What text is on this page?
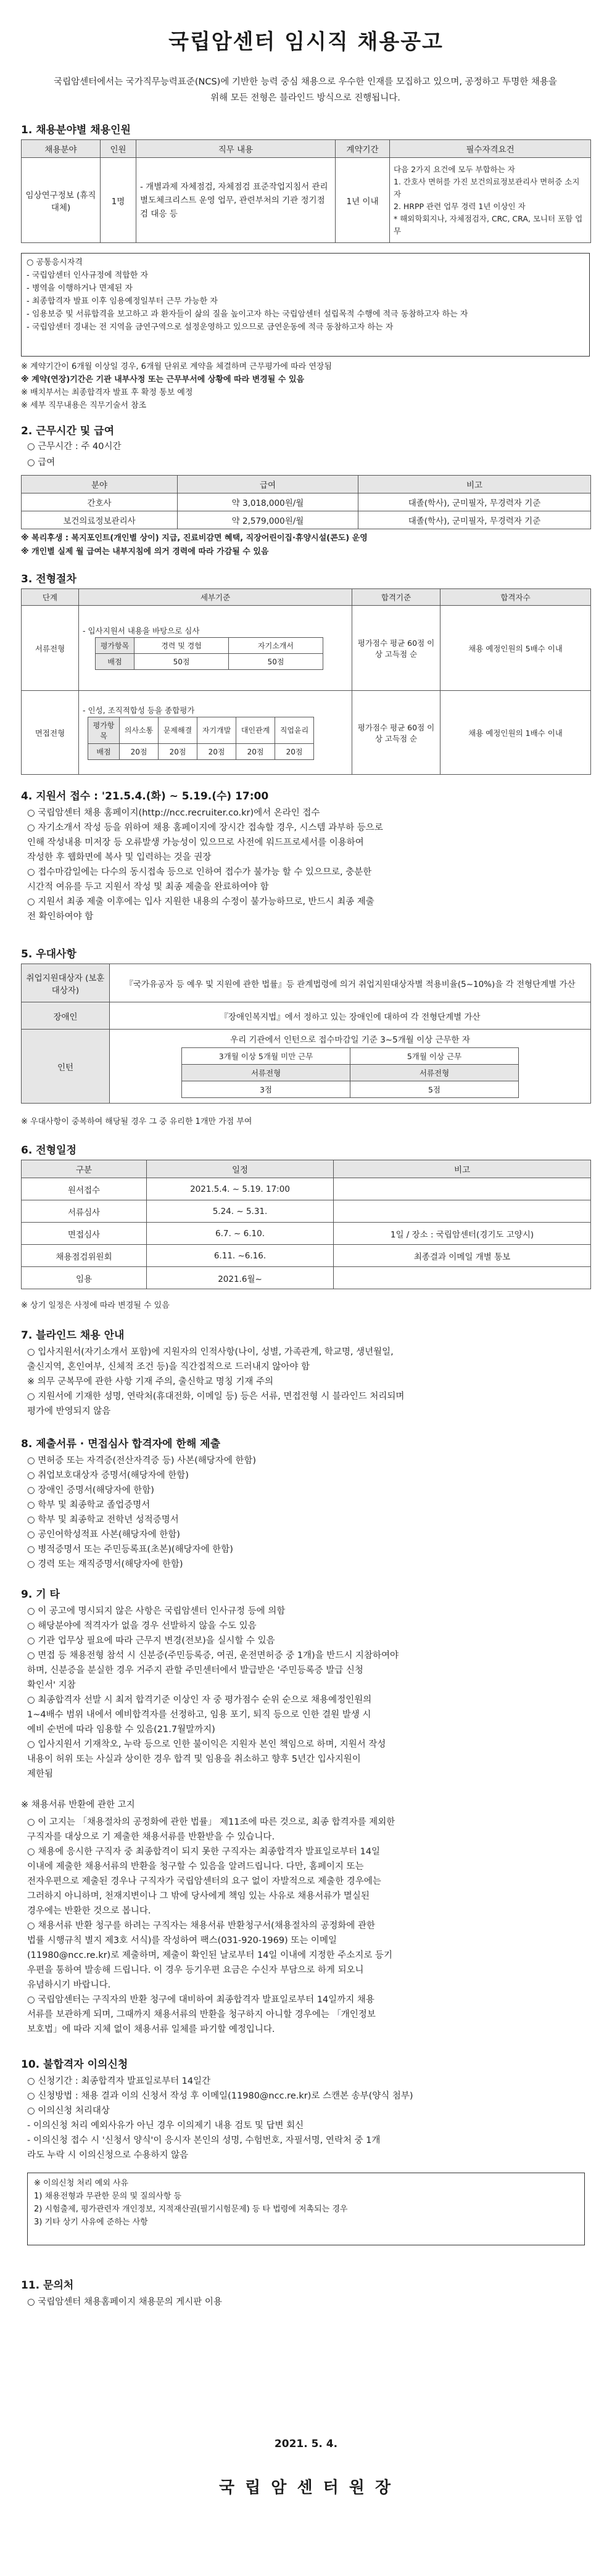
국립암센터 임시직 채용공고
국립암센터에서는 국가직무능력표준(NCS)에 기반한 능력 중심 채용으로 우수한 인재를 모집하고 있으며, 공정하고 투명한 채용을 위해 모든 전형은 블라인드 방식으로 진행됩니다.
1. 채용분야별 채용인원
채용분야	인원	직무 내용	계약기간	필수자격요건
임상연구정보 (휴직대체)	1명	- 개별과제 자체점검, 자체점검 표준작업지침서 관리 별도체크리스트 운영 업무, 관련부처의 기관 정기점검 대응 등	1년 이내	다음 2가지 요건에 모두 부합하는 자
1. 간호사 면허를 가진 보건의료정보관리사 면허증 소지자
2. HRPP 관련 업무 경력 1년 이상인 자
* 해외학회지나, 자체점검자, CRC, CRA, 모니터 포함 업무
○ 공통응시자격
- 국립암센터 인사규정에 적합한 자
- 병역을 이행하거나 면제된 자
- 최종합격자 발표 이후 임용예정일부터 근무 가능한 자
- 임용보증 및 서류합격을 보고하고 과 환자들이 삶의 질을 높이고자 하는 국립암센터 설립목적 수행에 적극 동참하고자 하는 자
- 국립암센터 경내는 전 지역을 금연구역으로 설정운영하고 있으므로 금연운동에 적극 동참하고자 하는 자
※ 계약기간이 6개월 이상일 경우, 6개월 단위로 계약을 체결하며 근무평가에 따라 연장됨
※ 계약(연장)기간은 기관 내부사정 또는 근무부서에 상황에 따라 변경될 수 있음
※ 배치부서는 최종합격자 발표 후 확정 통보 예정
※ 세부 직무내용은 직무기술서 참조
2. 근무시간 및 급여
○ 근무시간 : 주 40시간
○ 급여
분야	급여	비고
간호사	약 3,018,000원/월	대졸(학사), 군미필자, 무경력자 기준
보건의료정보관리사	약 2,579,000원/월	대졸(학사), 군미필자, 무경력자 기준
※ 복리후생 : 복지포인트(개인별 상이) 지급, 진료비감면 혜택, 직장어린이집·휴양시설(콘도) 운영
※ 개인별 실제 월 급여는 내부지침에 의거 경력에 따라 가감될 수 있음
3. 전형절차
단계	세부기준	합격기준	합격자수
서류전형	
- 입사지원서 내용을 바탕으로 심사
평가항목	경력 및 경험	자기소개서
배점	50점	50점
	평가점수 평균 60점 이상 고득점 순	채용 예정인원의 5배수 이내
면접전형	
- 인성, 조직적합성 등을 종합평가
평가항목	의사소통	문제해결	자기개발	대인관계	직업윤리
배점	20점	20점	20점	20점	20점
	평가점수 평균 60점 이상 고득점 순	채용 예정인원의 1배수 이내
4. 지원서 접수 : '21.5.4.(화) ~ 5.19.(수) 17:00
○ 국립암센터 채용 홈페이지(http://ncc.recruiter.co.kr)에서 온라인 접수
○ 자기소개서 작성 등을 위하여 채용 홈페이지에 장시간 접속할 경우, 시스템 과부하 등으로
인해 작성내용 미저장 등 오류발생 가능성이 있으므로 사전에 워드프로세서를 이용하여
작성한 후 웹화면에 복사 및 입력하는 것을 권장
○ 접수마감일에는 다수의 동시접속 등으로 인하여 접수가 불가능 할 수 있으므로, 충분한
시간적 여유를 두고 지원서 작성 및 최종 제출을 완료하여야 함
○ 지원서 최종 제출 이후에는 입사 지원한 내용의 수정이 불가능하므로, 반드시 최종 제출
전 확인하여야 함
5. 우대사항
취업지원대상자 (보훈대상자)	『국가유공자 등 예우 및 지원에 관한 법률』등 관계법령에 의거 취업지원대상자별 적용비율(5~10%)을 각 전형단계별 가산
장애인	『장애인복지법』에서 정하고 있는 장애인에 대하여 각 전형단계별 가산
인턴	
우리 기관에서 인턴으로 접수마감일 기준 3~5개월 이상 근무한 자
3개월 이상 5개월 미만 근무	5개월 이상 근무
서류전형	서류전형
3점	5점
※ 우대사항이 중복하여 해당될 경우 그 중 유리한 1개만 가점 부여
6. 전형일정
구분	일정	비고
원서접수	2021.5.4. ~ 5.19. 17:00	
서류심사	5.24. ~ 5.31.	
면접심사	6.7. ~ 6.10.	1일 / 장소 : 국립암센터(경기도 고양시)
채용점검위원회	6.11. ~6.16.	최종결과 이메일 개별 통보
임용	2021.6월~	
※ 상기 일정은 사정에 따라 변경될 수 있음
7. 블라인드 채용 안내
○ 입사지원서(자기소개서 포함)에 지원자의 인적사항(나이, 성별, 가족관계, 학교명, 생년월일,
출신지역, 혼인여부, 신체적 조건 등)을 직간접적으로 드러내지 않아야 함
※ 의무 군복무에 관한 사항 기재 주의, 출신학교 명칭 기재 주의
○ 지원서에 기재한 성명, 연락처(휴대전화, 이메일 등) 등은 서류, 면접전형 시 블라인드 처리되며
평가에 반영되지 않음
8. 제출서류 · 면접심사 합격자에 한해 제출
○ 면허증 또는 자격증(전산자격증 등) 사본(해당자에 한함)
○ 취업보호대상자 증명서(해당자에 한함)
○ 장애인 증명서(해당자에 한함)
○ 학부 및 최종학교 졸업증명서
○ 학부 및 최종학교 전학년 성적증명서
○ 공인어학성적표 사본(해당자에 한함)
○ 병적증명서 또는 주민등록표(초본)(해당자에 한함)
○ 경력 또는 재직증명서(해당자에 한함)
9. 기 타
○ 이 공고에 명시되지 않은 사항은 국립암센터 인사규정 등에 의함
○ 해당분야에 적격자가 없을 경우 선발하지 않을 수도 있음
○ 기관 업무상 필요에 따라 근무지 변경(전보)을 실시할 수 있음
○ 면접 등 채용전형 참석 시 신분증(주민등록증, 여권, 운전면허증 중 1개)을 반드시 지참하여야
하며, 신분증을 분실한 경우 거주지 관할 주민센터에서 발급받은 '주민등록증 발급 신청
확인서' 지참
○ 최종합격자 선발 시 최저 합격기준 이상인 자 중 평가점수 순위 순으로 채용예정인원의
1~4배수 범위 내에서 예비합격자를 선정하고, 임용 포기, 퇴직 등으로 인한 결원 발생 시
예비 순번에 따라 임용할 수 있음(21.7월말까지)
○ 입사지원서 기재착오, 누락 등으로 인한 불이익은 지원자 본인 책임으로 하며, 지원서 작성
내용이 허위 또는 사실과 상이한 경우 합격 및 임용을 취소하고 향후 5년간 입사지원이
제한됨
※ 채용서류 반환에 관한 고지
○ 이 고지는 「채용절차의 공정화에 관한 법률」 제11조에 따른 것으로, 최종 합격자를 제외한
구직자를 대상으로 기 제출한 채용서류를 반환받을 수 있습니다.
○ 채용에 응시한 구직자 중 최종합격이 되지 못한 구직자는 최종합격자 발표일로부터 14일
이내에 제출한 채용서류의 반환을 청구할 수 있음을 알려드립니다. 다만, 홈페이지 또는
전자우편으로 제출된 경우나 구직자가 국립암센터의 요구 없이 자발적으로 제출한 경우에는
그러하지 아니하며, 천재지변이나 그 밖에 당사에게 책임 있는 사유로 채용서류가 멸실된
경우에는 반환한 것으로 봅니다.
○ 채용서류 반환 청구를 하려는 구직자는 채용서류 반환청구서(채용절차의 공정화에 관한
법률 시행규칙 별지 제3호 서식)를 작성하여 팩스(031-920-1969) 또는 이메일
(11980@ncc.re.kr)로 제출하며, 제출이 확인된 날로부터 14일 이내에 지정한 주소지로 등기
우편을 통하여 발송해 드립니다. 이 경우 등기우편 요금은 수신자 부담으로 하게 되오니
유념하시기 바랍니다.
○ 국립암센터는 구직자의 반환 청구에 대비하여 최종합격자 발표일로부터 14일까지 채용
서류를 보관하게 되며, 그때까지 채용서류의 반환을 청구하지 아니할 경우에는 「개인정보
보호법」에 따라 지체 없이 채용서류 일체를 파기할 예정입니다.
10. 불합격자 이의신청
○ 신청기간 : 최종합격자 발표일로부터 14일간
○ 신청방법 : 채용 결과 이의 신청서 작성 후 이메일(11980@ncc.re.kr)로 스캔본 송부(양식 첨부)
○ 이의신청 처리대상
- 이의신청 처리 예외사유가 아닌 경우 이의제기 내용 검토 및 답변 회신
- 이의신청 접수 시 '신청서 양식'이 응시자 본인의 성명, 수험번호, 자필서명, 연락처 중 1개
라도 누락 시 이의신청으로 수용하지 않음
※ 이의신청 처리 예외 사유
1) 채용전형과 무관한 문의 및 질의사항 등
2) 시험출제, 평가관련자 개인정보, 지적재산권(필기시험문제) 등 타 법령에 저촉되는 경우
3) 기타 상기 사유에 준하는 사항
11. 문의처
○ 국립암센터 채용홈페이지 채용문의 게시판 이용
2021. 5. 4.
국 립 암 센 터 원 장
